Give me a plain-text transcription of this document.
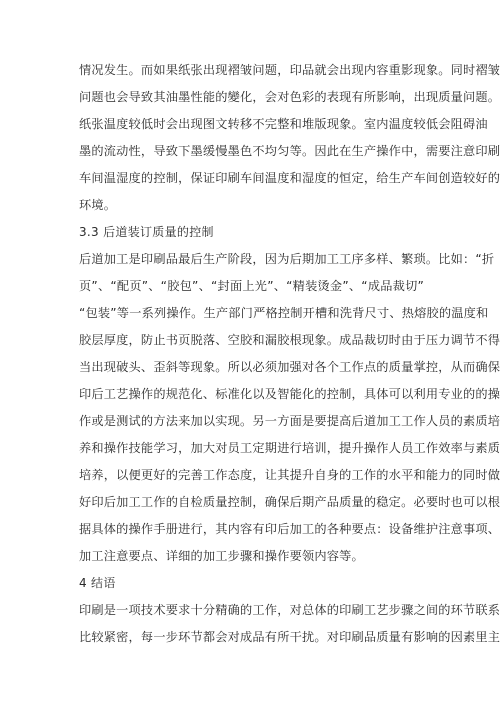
情况发生。而如果纸张出现褶皱问题，印品就会出现内容重影现象。同时褶皱
问题也会导致其油墨性能的變化，会对色彩的表现有所影响，出现质量问题。
纸张温度较低时会出现图文转移不完整和堆版现象。室内温度较低会阻碍油
墨的流动性，导致下墨缓慢墨色不均匀等。因此在生产操作中，需要注意印刷
车间温湿度的控制，保证印刷车间温度和湿度的恒定，给生产车间创造较好的
环境。
3.3 后道装订质量的控制
后道加工是印刷品最后生产阶段，因为后期加工工序多样、繁琐。比如：“折
页”、“配页”、“胶包”、“封面上光”、“精装烫金”、“成品裁切”
“包装”等一系列操作。生产部门严格控制开槽和洗背尺寸、热熔胶的温度和
胶层厚度，防止书页脱落、空胶和漏胶根现象。成品裁切时由于压力调节不得
当出现破头、歪斜等现象。所以必须加强对各个工作点的质量掌控，从而确保
印后工艺操作的规范化、标准化以及智能化的控制，具体可以利用专业的的操
作或是测试的方法来加以实现。另一方面是要提高后道加工工作人员的素质培
养和操作技能学习，加大对员工定期进行培训，提升操作人员工作效率与素质
培养，以便更好的完善工作态度，让其提升自身的工作的水平和能力的同时做
好印后加工工作的自检质量控制，确保后期产品质量的稳定。必要时也可以根
据具体的操作手册进行，其内容有印后加工的各种要点：设备维护注意事项、
加工注意要点、详细的加工步骤和操作要领内容等。
4 结语
印刷是一项技术要求十分精确的工作，对总体的印刷工艺步骤之间的环节联系
比较紧密，每一步环节都会对成品有所干扰。对印刷品质量有影响的因素里主
